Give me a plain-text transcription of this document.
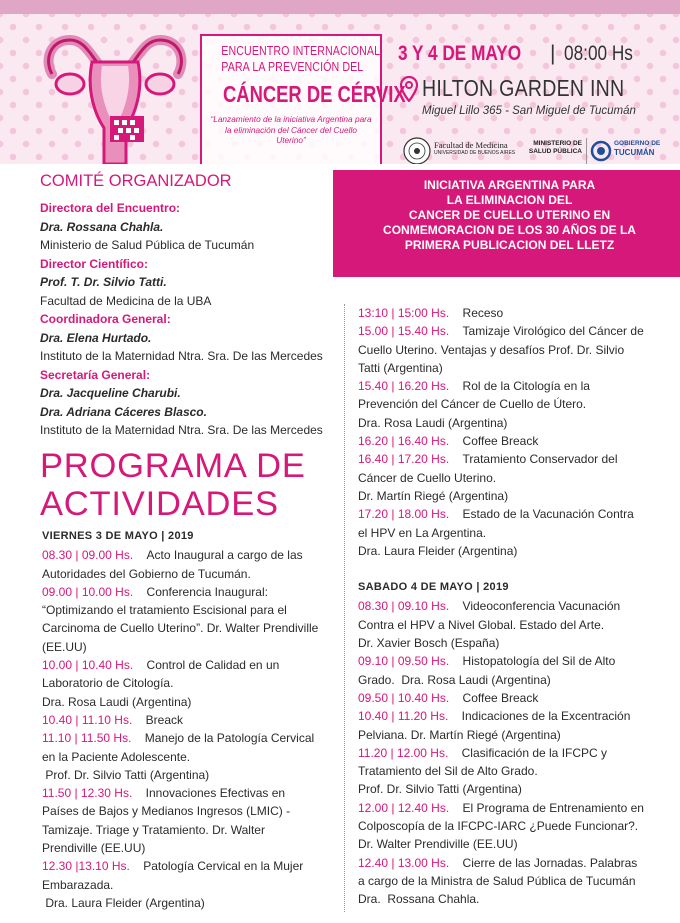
ENCUENTRO INTERNACIONAL
PARA LA PREVENCIÓN DEL
CÁNCER DE CÉRVIX
“Lanzamiento de la iniciativa Argentina para la eliminación del Cáncer del Cuello Uterino”
3 Y 4 DE MAYO | 08:00 Hs
HILTON GARDEN INN
Miguel Lillo 365 - San Miguel de Tucumán
Facultad de Medicina
UNIVERSIDAD DE BUENOS AIRES
MINISTERIO DE
SALUD PÚBLICA
GOBIERNO DE
TUCUMÁN
INICIATIVA ARGENTINA PARA
LA ELIMINACION DEL
CANCER DE CUELLO UTERINO EN
CONMEMORACION DE LOS 30 AÑOS DE LA
PRIMERA PUBLICACION DEL LLETZ
COMITÉ ORGANIZADOR
Directora del Encuentro:
Dra. Rossana Chahla.
Ministerio de Salud Pública de Tucumán
Director Científico:
Prof. T. Dr. Silvio Tatti.
Facultad de Medicina de la UBA
Coordinadora General:
Dra. Elena Hurtado.
Instituto de la Maternidad Ntra. Sra. De las Mercedes
Secretaría General:
Dra. Jacqueline Charubi.
Dra. Adriana Cáceres Blasco.
Instituto de la Maternidad Ntra. Sra. De las Mercedes
PROGRAMA DE
ACTIVIDADES
VIERNES 3 DE MAYO | 2019
08.30 | 09.00 Hs. Acto Inaugural a cargo de las
Autoridades del Gobierno de Tucumán.
09.00 | 10.00 Hs. Conferencia Inaugural:
“Optimizando el tratamiento Escisional para el
Carcinoma de Cuello Uterino”. Dr. Walter Prendiville
(EE.UU)
10.00 | 10.40 Hs. Control de Calidad en un
Laboratorio de Citología.
Dra. Rosa Laudi (Argentina)
10.40 | 11.10 Hs. Breack
11.10 | 11.50 Hs. Manejo de la Patología Cervical
en la Paciente Adolescente.
Prof. Dr. Silvio Tatti (Argentina)
11.50 | 12.30 Hs. Innovaciones Efectivas en
Países de Bajos y Medianos Ingresos (LMIC) -
Tamizaje. Triage y Tratamiento. Dr. Walter
Prendiville (EE.UU)
12.30 |13.10 Hs. Patología Cervical en la Mujer
Embarazada.
Dra. Laura Fleider (Argentina)
13:10 | 15:00 Hs. Receso
15.00 | 15.40 Hs. Tamizaje Virológico del Cáncer de
Cuello Uterino. Ventajas y desafíos Prof. Dr. Silvio
Tatti (Argentina)
15.40 | 16.20 Hs. Rol de la Citología en la
Prevención del Cáncer de Cuello de Útero.
Dra. Rosa Laudi (Argentina)
16.20 | 16.40 Hs. Coffee Breack
16.40 | 17.20 Hs. Tratamiento Conservador del
Cáncer de Cuello Uterino.
Dr. Martín Riegé (Argentina)
17.20 | 18.00 Hs. Estado de la Vacunación Contra
el HPV en La Argentina.
Dra. Laura Fleider (Argentina)
SABADO 4 DE MAYO | 2019
08.30 | 09.10 Hs. Videoconferencia Vacunación
Contra el HPV a Nivel Global. Estado del Arte.
Dr. Xavier Bosch (España)
09.10 | 09.50 Hs. Histopatología del Sil de Alto
Grado.  Dra. Rosa Laudi (Argentina)
09.50 | 10.40 Hs. Coffee Breack
10.40 | 11.20 Hs. Indicaciones de la Excentración
Pelviana. Dr. Martín Riegé (Argentina)
11.20 | 12.00 Hs. Clasificación de la IFCPC y
Tratamiento del Sil de Alto Grado.
Prof. Dr. Silvio Tatti (Argentina)
12.00 | 12.40 Hs. El Programa de Entrenamiento en
Colposcopía de la IFCPC-IARC ¿Puede Funcionar?.
Dr. Walter Prendiville (EE.UU)
12.40 | 13.00 Hs. Cierre de las Jornadas. Palabras
a cargo de la Ministra de Salud Pública de Tucumán
Dra.  Rossana Chahla.
